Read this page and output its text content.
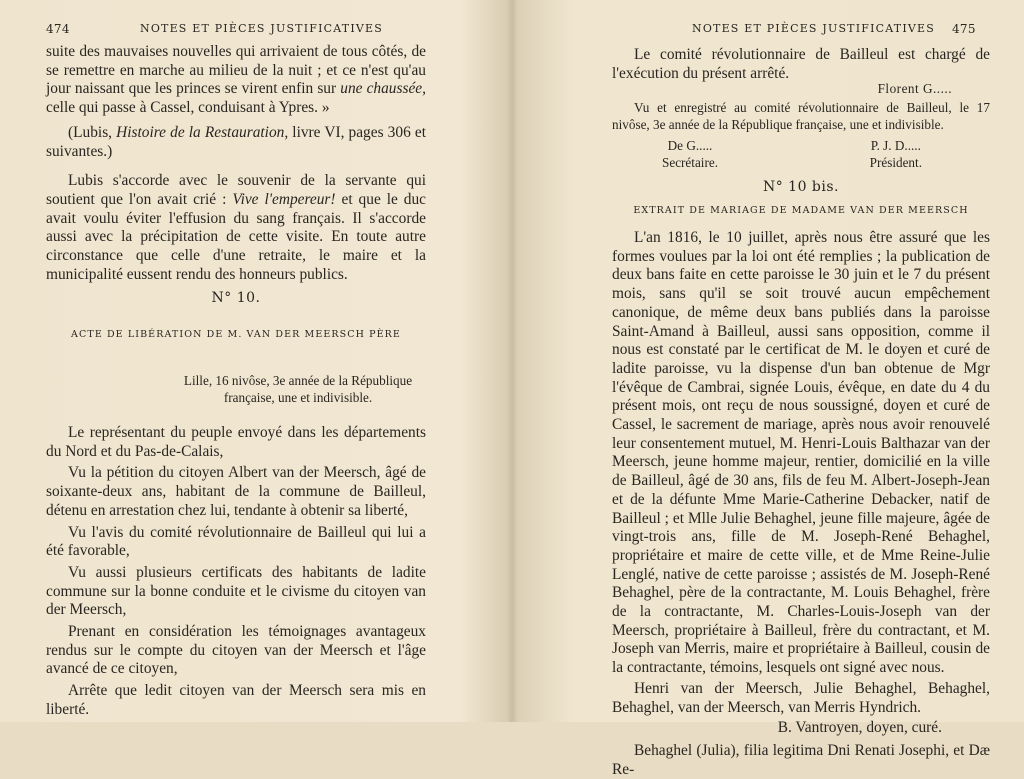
474	NOTES ET PIÈCES JUSTIFICATIVES

suite des mauvaises nouvelles qui arrivaient de tous côtés, de se remettre en marche au milieu de la nuit ; et ce n'est qu'au jour naissant que les princes se virent enfin sur une chaussée, celle qui passe à Cassel, conduisant à Ypres. »

(Lubis, Histoire de la Restauration, livre VI, pages 306 et suivantes.)

Lubis s'accorde avec le souvenir de la servante qui soutient que l'on avait crié : Vive l'empereur! et que le duc avait voulu éviter l'effusion du sang français. Il s'accorde aussi avec la précipitation de cette visite. En toute autre circonstance que celle d'une retraite, le maire et la municipalité eussent rendu des honneurs publics.

N° 10.
ACTE DE LIBÉRATION DE M. VAN DER MEERSCH PÈRE
Lille, 16 nivôse, 3e année de la République
française, une et indivisible.

Le représentant du peuple envoyé dans les départements du Nord et du Pas-de-Calais,

Vu la pétition du citoyen Albert van der Meersch, âgé de soixante-deux ans, habitant de la commune de Bailleul, détenu en arrestation chez lui, tendante à obtenir sa liberté,

Vu l'avis du comité révolutionnaire de Bailleul qui lui a été favorable,

Vu aussi plusieurs certificats des habitants de ladite commune sur la bonne conduite et le civisme du citoyen van der Meersch,

Prenant en considération les témoignages avantageux rendus sur le compte du citoyen van der Meersch et l'âge avancé de ce citoyen,

Arrête que ledit citoyen van der Meersch sera mis en liberté.

NOTES ET PIÈCES JUSTIFICATIVES 475

Le comité révolutionnaire de Bailleul est chargé de l'exécution du présent arrêté.

Florent G.....

Vu et enregistré au comité révolutionnaire de Bailleul, le 17 nivôse, 3e année de la République française, une et indivisible.

De G.....
Secrétaire.
P. J. D.....
Président.
N° 10 bis.
EXTRAIT DE MARIAGE DE MADAME VAN DER MEERSCH

L'an 1816, le 10 juillet, après nous être assuré que les formes voulues par la loi ont été remplies ; la publication de deux bans faite en cette paroisse le 30 juin et le 7 du présent mois, sans qu'il se soit trouvé aucun empêchement canonique, de même deux bans publiés dans la paroisse Saint-Amand à Bailleul, aussi sans opposition, comme il nous est constaté par le certificat de M. le doyen et curé de ladite paroisse, vu la dispense d'un ban obtenue de Mgr l'évêque de Cambrai, signée Louis, évêque, en date du 4 du présent mois, ont reçu de nous soussigné, doyen et curé de Cassel, le sacrement de mariage, après nous avoir renouvelé leur consentement mutuel, M. Henri-Louis Balthazar van der Meersch, jeune homme majeur, rentier, domicilié en la ville de Bailleul, âgé de 30 ans, fils de feu M. Albert-Joseph-Jean et de la défunte Mme Marie-Catherine Debacker, natif de Bailleul ; et Mlle Julie Behaghel, jeune fille majeure, âgée de vingt-trois ans, fille de M. Joseph-René Behaghel, propriétaire et maire de cette ville, et de Mme Reine-Julie Lenglé, native de cette paroisse ; assistés de M. Joseph-René Behaghel, père de la contractante, M. Louis Behaghel, frère de la contractante, M. Charles-Louis-Joseph van der Meersch, propriétaire à Bailleul, frère du contractant, et M. Joseph van Merris, maire et propriétaire à Bailleul, cousin de la contractante, témoins, lesquels ont signé avec nous.

Henri van der Meersch, Julie Behaghel, Behaghel, Behaghel, van der Meersch, van Merris Hyndrich.

B. Vantroyen, doyen, curé.

Behaghel (Julia), filia legitima Dni Renati Josephi, et Dæ Re-
